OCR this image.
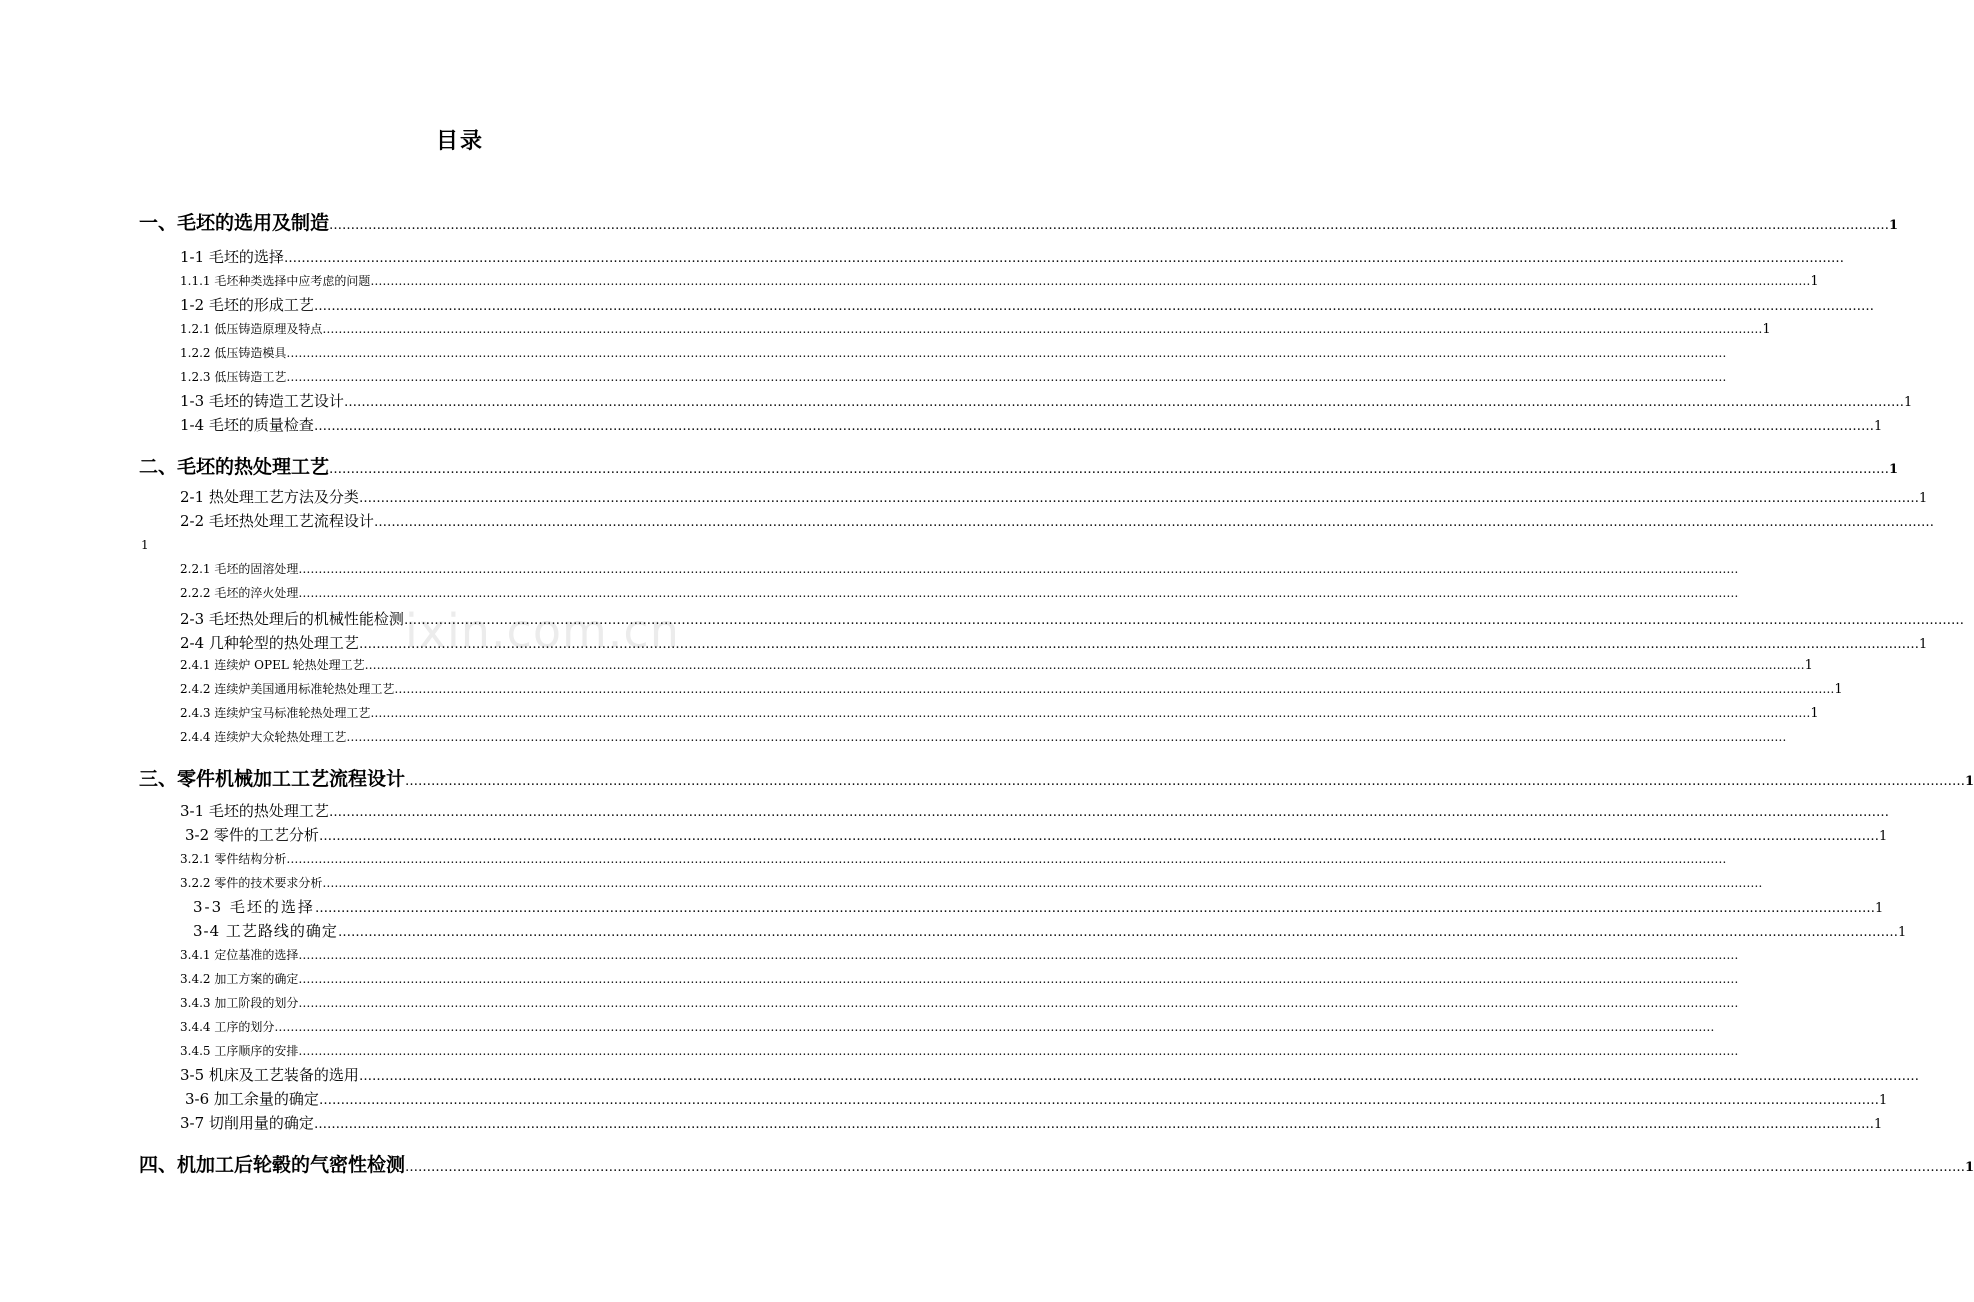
目录
ixin.com.cn
一、毛坯的选用及制造 ……………………………………………………………………………………………………………………………………………………………………………………………………………………………………………………………………………………………………………………………… 1
1-1 毛坯的选择 ………………………………………………………………………………………………………………………………………………………………………………………………………………………………………………………………………………………………………………………………
1.1.1 毛坯种类选择中应考虑的问题 ……………………………………………………………………………………………………………………………………………………………………………………………………………………………………………………………………………………………………………………………… 1
1-2 毛坯的形成工艺 ………………………………………………………………………………………………………………………………………………………………………………………………………………………………………………………………………………………………………………………………
1.2.1 低压铸造原理及特点 ……………………………………………………………………………………………………………………………………………………………………………………………………………………………………………………………………………………………………………………………… 1
1.2.2 低压铸造模具 ………………………………………………………………………………………………………………………………………………………………………………………………………………………………………………………………………………………………………………………………
1.2.3 低压铸造工艺 ………………………………………………………………………………………………………………………………………………………………………………………………………………………………………………………………………………………………………………………………
1-3 毛坯的铸造工艺设计 ……………………………………………………………………………………………………………………………………………………………………………………………………………………………………………………………………………………………………………………………… 1
1-4 毛坯的质量检查 ……………………………………………………………………………………………………………………………………………………………………………………………………………………………………………………………………………………………………………………………… 1
二、毛坯的热处理工艺 ……………………………………………………………………………………………………………………………………………………………………………………………………………………………………………………………………………………………………………………………… 1
2-1 热处理工艺方法及分类 ……………………………………………………………………………………………………………………………………………………………………………………………………………………………………………………………………………………………………………………………… 1
2-2 毛坯热处理工艺流程设计 ………………………………………………………………………………………………………………………………………………………………………………………………………………………………………………………………………………………………………………………………
2.2.1 毛坯的固溶处理 ………………………………………………………………………………………………………………………………………………………………………………………………………………………………………………………………………………………………………………………………
2.2.2 毛坯的淬火处理 ………………………………………………………………………………………………………………………………………………………………………………………………………………………………………………………………………………………………………………………………
2-3 毛坯热处理后的机械性能检测 ………………………………………………………………………………………………………………………………………………………………………………………………………………………………………………………………………………………………………………………………
2-4 几种轮型的热处理工艺 ……………………………………………………………………………………………………………………………………………………………………………………………………………………………………………………………………………………………………………………………… 1
2.4.1 连续炉 OPEL 轮热处理工艺 ……………………………………………………………………………………………………………………………………………………………………………………………………………………………………………………………………………………………………………………………… 1
2.4.2 连续炉美国通用标准轮热处理工艺 ……………………………………………………………………………………………………………………………………………………………………………………………………………………………………………………………………………………………………………………………… 1
2.4.3 连续炉宝马标准轮热处理工艺 ……………………………………………………………………………………………………………………………………………………………………………………………………………………………………………………………………………………………………………………………… 1
2.4.4 连续炉大众轮热处理工艺 ………………………………………………………………………………………………………………………………………………………………………………………………………………………………………………………………………………………………………………………………
三、零件机械加工工艺流程设计 ……………………………………………………………………………………………………………………………………………………………………………………………………………………………………………………………………………………………………………………………… 1
3-1 毛坯的热处理工艺 ………………………………………………………………………………………………………………………………………………………………………………………………………………………………………………………………………………………………………………………………
3-2 零件的工艺分析 ……………………………………………………………………………………………………………………………………………………………………………………………………………………………………………………………………………………………………………………………… 1
3.2.1 零件结构分析 ………………………………………………………………………………………………………………………………………………………………………………………………………………………………………………………………………………………………………………………………
3.2.2 零件的技术要求分析 ………………………………………………………………………………………………………………………………………………………………………………………………………………………………………………………………………………………………………………………………
3-3 毛坯的选择 ……………………………………………………………………………………………………………………………………………………………………………………………………………………………………………………………………………………………………………………………… 1
3-4 工艺路线的确定 ……………………………………………………………………………………………………………………………………………………………………………………………………………………………………………………………………………………………………………………………… 1
3.4.1 定位基准的选择 ………………………………………………………………………………………………………………………………………………………………………………………………………………………………………………………………………………………………………………………………
3.4.2 加工方案的确定 ………………………………………………………………………………………………………………………………………………………………………………………………………………………………………………………………………………………………………………………………
3.4.3 加工阶段的划分 ………………………………………………………………………………………………………………………………………………………………………………………………………………………………………………………………………………………………………………………………
3.4.4 工序的划分 ………………………………………………………………………………………………………………………………………………………………………………………………………………………………………………………………………………………………………………………………
3.4.5 工序顺序的安排 ………………………………………………………………………………………………………………………………………………………………………………………………………………………………………………………………………………………………………………………………
3-5 机床及工艺装备的选用 ………………………………………………………………………………………………………………………………………………………………………………………………………………………………………………………………………………………………………………………………
3-6 加工余量的确定 ……………………………………………………………………………………………………………………………………………………………………………………………………………………………………………………………………………………………………………………………… 1
3-7 切削用量的确定 ……………………………………………………………………………………………………………………………………………………………………………………………………………………………………………………………………………………………………………………………… 1
四、机加工后轮毂的气密性检测 ……………………………………………………………………………………………………………………………………………………………………………………………………………………………………………………………………………………………………………………………… 1
1
